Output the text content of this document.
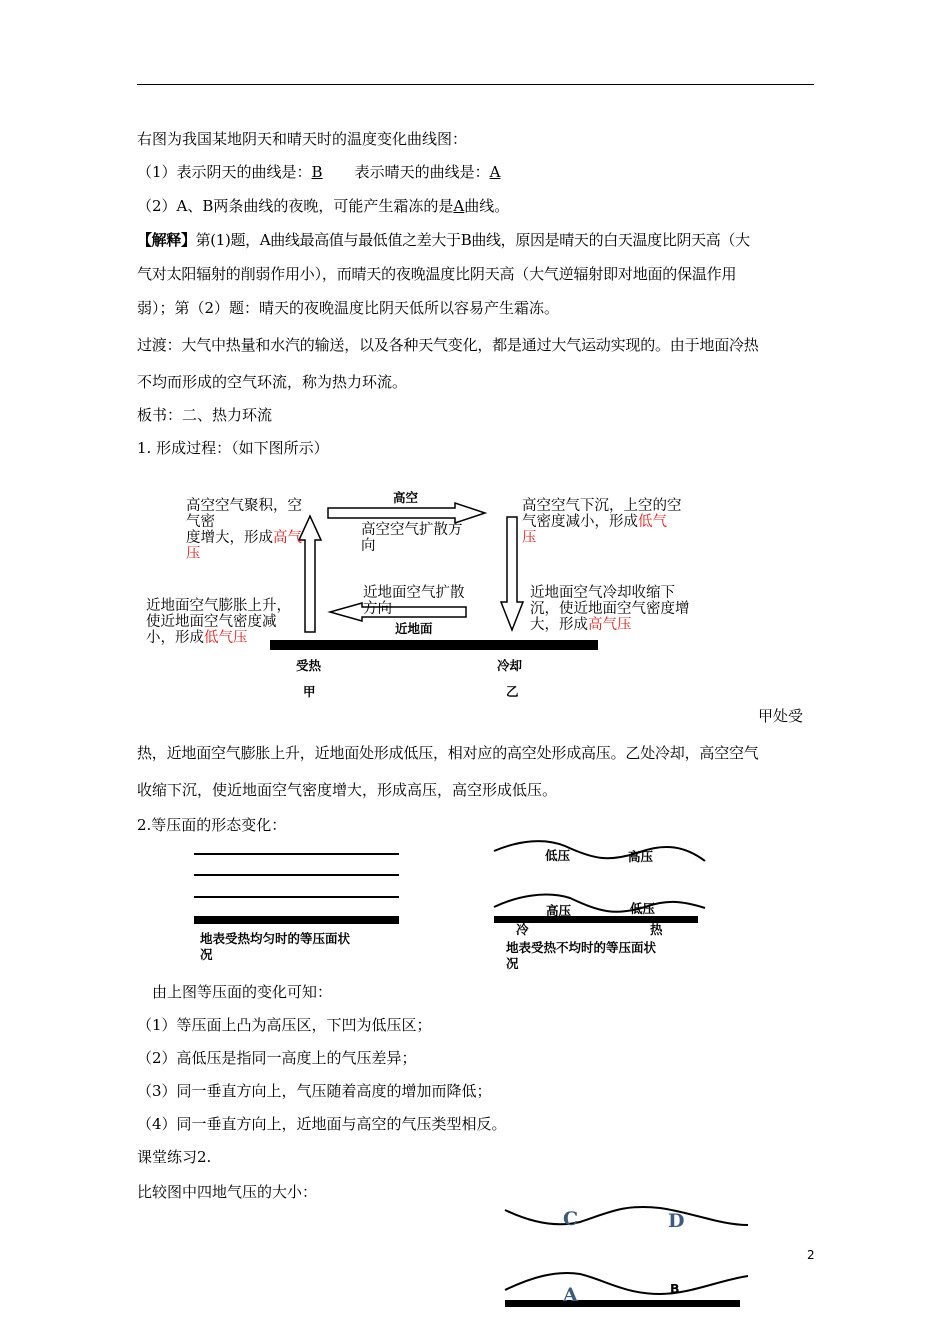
右图为我国某地阴天和晴天时的温度变化曲线图：
（1）表示阴天的曲线是：B 表示晴天的曲线是：A
（2）A、B两条曲线的夜晚，可能产生霜冻的是A曲线。
【解释】第(1)题，A曲线最高值与最低值之差大于B曲线，原因是晴天的白天温度比阴天高（大
气对太阳辐射的削弱作用小），而晴天的夜晚温度比阴天高（大气逆辐射即对地面的保温作用
弱）；第（2）题：晴天的夜晚温度比阴天低所以容易产生霜冻。
过渡：大气中热量和水汽的输送，以及各种天气变化，都是通过大气运动实现的。由于地面冷热
不均而形成的空气环流，称为热力环流。
板书：二、热力环流
1. 形成过程：（如下图所示）
高空
近地面
受热
甲
冷却
乙
高空空气聚积，空
气密
度增大，形成高气
压
高空空气扩散方
向
高空空气下沉，上空的空
气密度减小，形成低气
压
近地面空气扩散
方向
近地面空气膨胀上升，
使近地面空气密度减
小，形成低气压
近地面空气冷却收缩下
沉，使近地面空气密度增
大，形成高气压
甲处受
热，近地面空气膨胀上升，近地面处形成低压，相对应的高空处形成高压。乙处冷却，高空空气
收缩下沉，使近地面空气密度增大，形成高压，高空形成低压。
2.等压面的形态变化：
地表受热均匀时的等压面状
况
低压	高压
高压	低压
冷	热
地表受热不均时的等压面状
况
由上图等压面的变化可知：
（1）等压面上凸为高压区，下凹为低压区；
（2）高低压是指同一高度上的气压差异；
（3）同一垂直方向上，气压随着高度的增加而降低；
（4）同一垂直方向上，近地面与高空的气压类型相反。
课堂练习2.
比较图中四地气压的大小：
C	D
A	B
2
